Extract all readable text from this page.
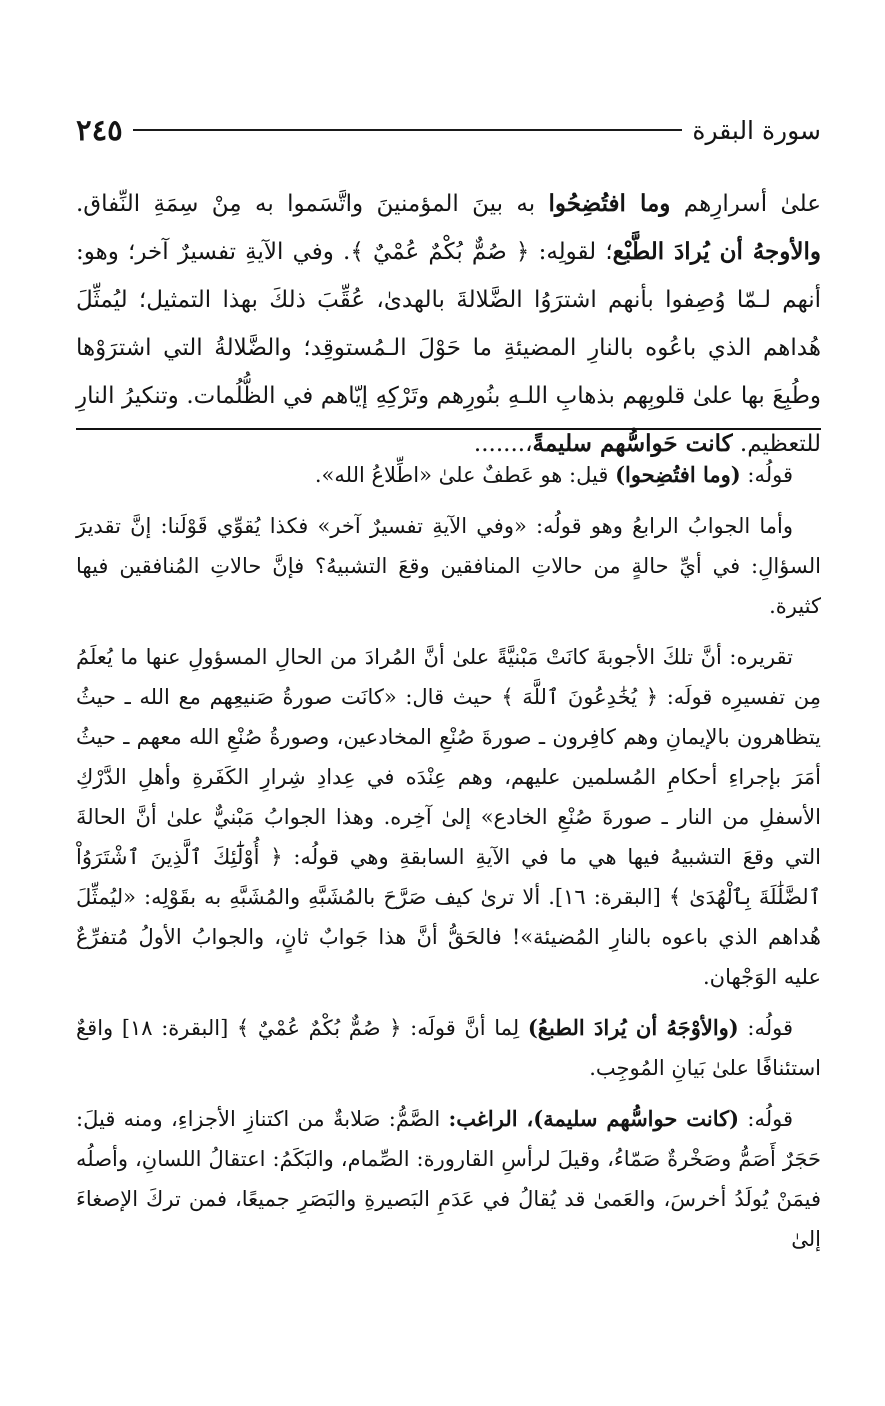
سورة البقرة
٢٤٥
علىٰ أسرارِهم وما افتُضِحُوا به بينَ المؤمنينَ واتَّسَموا به مِنْ سِمَةِ النِّفاق. والأوجهُ أن يُرادَ الطَّبْع؛ لقولِه: ﴿ صُمٌّ بُكْمٌ عُمْيٌ ﴾. وفي الآيةِ تفسيرٌ آخر؛ وهو: أنهم لـمّا وُصِفوا بأنهم اشترَوُا الضَّلالةَ بالهدىٰ، عُقِّبَ ذلكَ بهذا التمثيل؛ ليُمثِّلَ هُداهم الذي باعُوه بالنارِ المضيئةِ ما حَوْلَ الـمُستوقِد؛ والضَّلالةُ التي اشترَوْها وطُبِعَ بها علىٰ قلوبِهم بذهابِ اللـهِ بنُورِهم وتَرْكِهِ إيّاهم في الظُّلُمات. وتنكيرُ النارِ للتعظيم. كانت حَواسُّهم سليمةً،.......

قولُه: (وما افتُضِحوا) قيل: هو عَطفٌ علىٰ «اطِّلاعُ الله».

وأما الجوابُ الرابعُ وهو قولُه: «وفي الآيةِ تفسيرٌ آخر» فكذا يُقوِّي قَوْلَنا: إنَّ تقديرَ السؤالِ: في أيِّ حالةٍ من حالاتِ المنافقين وقعَ التشبيهُ؟ فإنَّ حالاتِ المُنافقين فيها كثيرة.

تقريره: أنَّ تلكَ الأجوبةَ كانَتْ مَبْنيَّةً علىٰ أنَّ المُرادَ من الحالِ المسؤولِ عنها ما يُعلَمُ مِن تفسيرِه قولَه: ﴿ يُخَٰدِعُونَ ٱللَّهَ ﴾ حيث قال: «كانَت صورةُ صَنيعِهم مع الله ـ حيثُ يتظاهرون بالإيمانِ وهم كافِرون ـ صورةَ صُنْعِ المخادعين، وصورةُ صُنْعِ الله معهم ـ حيثُ أمَرَ بإجراءِ أحكامِ المُسلمين عليهم، وهم عِنْدَه في عِدادِ شِرارِ الكَفَرةِ وأهلِ الدَّرْكِ الأسفلِ من النار ـ صورةَ صُنْعِ الخادع» إلىٰ آخِره. وهذا الجوابُ مَبْنيٌّ علىٰ أنَّ الحالةَ التي وقعَ التشبيهُ فيها هي ما في الآيةِ السابقةِ وهي قولُه: ﴿ أُوْلَٰٓئِكَ ٱلَّذِينَ ٱشْتَرَوُاْ ٱلضَّلَٰلَةَ بِٱلْهُدَىٰ ﴾ [البقرة: ١٦]. ألا ترىٰ كيف صَرَّحَ بالمُشَبَّهِ والمُشَبَّهِ به بقَوْلِه: «ليُمثِّلَ هُداهم الذي باعوه بالنارِ المُضيئة»! فالحَقُّ أنَّ هذا جَوابٌ ثانٍ، والجوابُ الأولُ مُتفرِّعٌ عليه الوَجْهان.

قولُه: (والأوْجَهُ أن يُرادَ الطبعُ) لِما أنَّ قولَه: ﴿ صُمٌّ بُكْمٌ عُمْيٌ ﴾ [البقرة: ١٨] واقعٌ استئنافًا علىٰ بَيانِ المُوجِب.

قولُه: (كانت حواسُّهم سليمة)، الراغب: الصَّمُّ: صَلابةٌ من اكتنازِ الأجزاءِ، ومنه قيلَ: حَجَرٌ أَصَمُّ وصَخْرةٌ صَمّاءُ، وقيلَ لرأسِ القارورة: الصِّمام، والبَكَمُ: اعتقالُ اللسانِ، وأصلُه فيمَنْ يُولَدُ أخرسَ، والعَمىٰ قد يُقالُ في عَدَمِ البَصيرةِ والبَصَرِ جميعًا، فمن تركَ الإصغاءَ إلىٰ
